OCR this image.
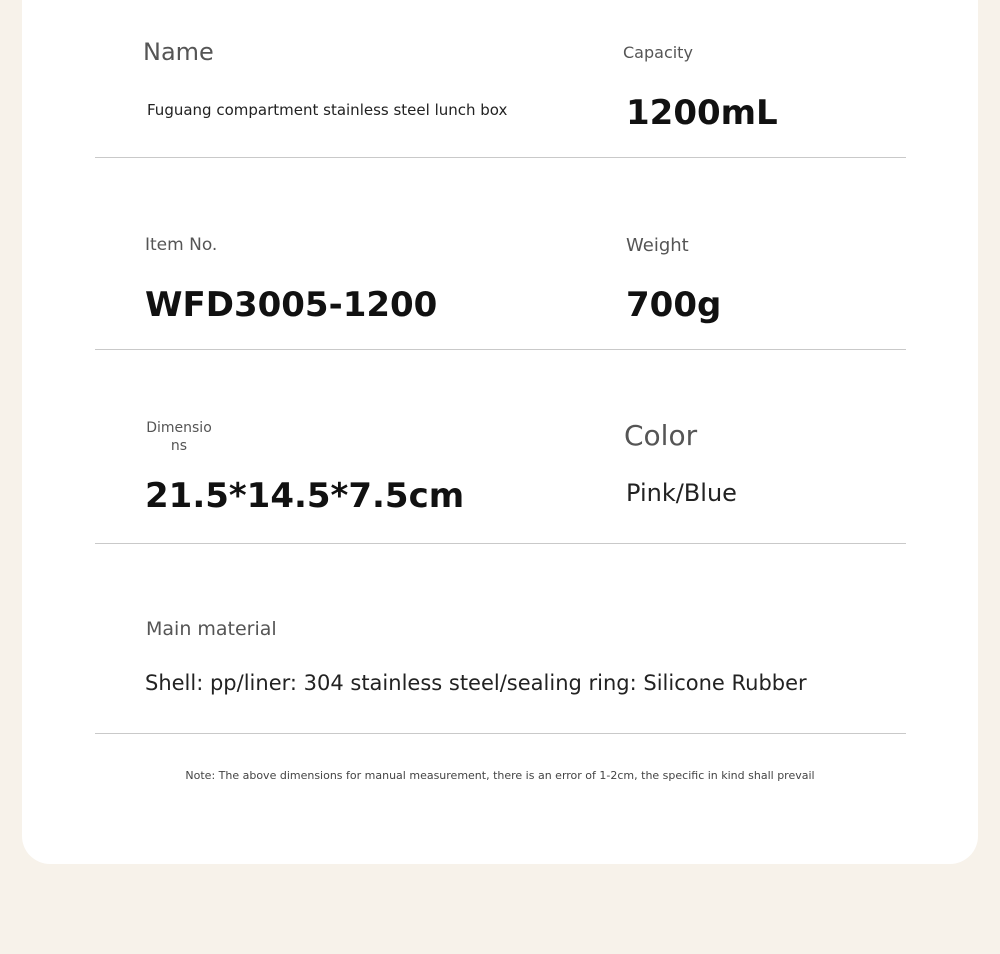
Name
Fuguang compartment stainless steel lunch box
Capacity
1200mL
Item No.
WFD3005-1200
Weight
700g
Dimensions
21.5*14.5*7.5cm
Color
Pink/Blue
Main material
Shell: pp/liner: 304 stainless steel/sealing ring: Silicone Rubber
Note: The above dimensions for manual measurement, there is an error of 1-2cm, the specific in kind shall prevail
